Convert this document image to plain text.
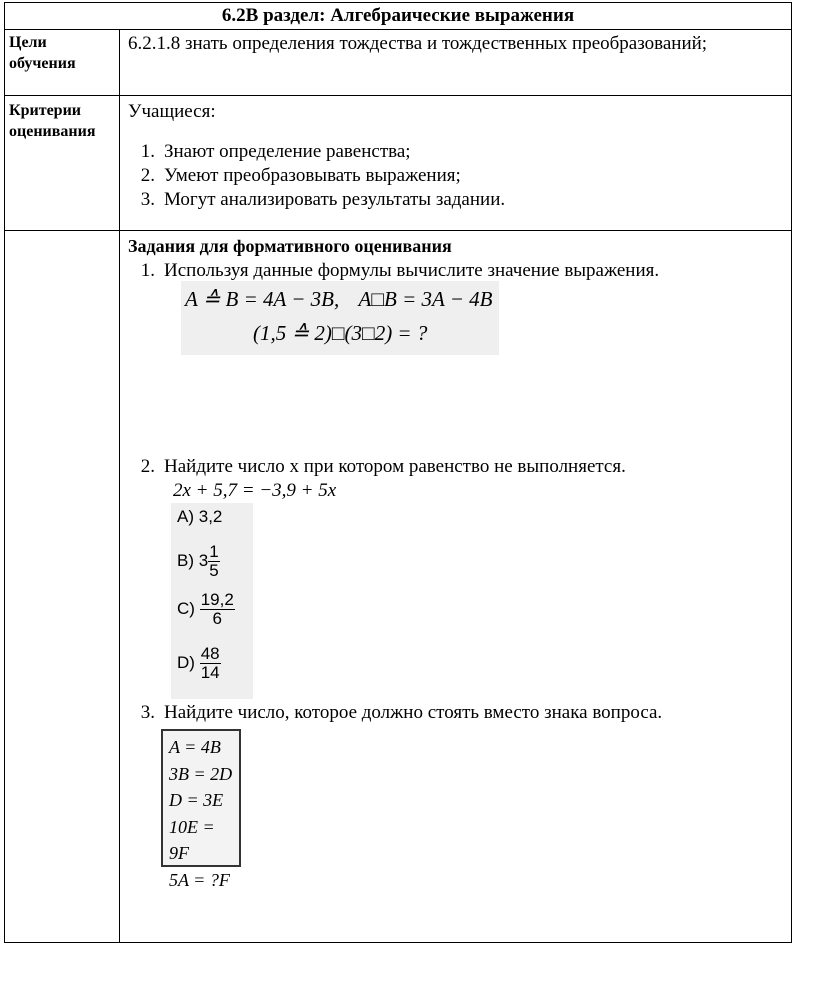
6.2В раздел: Алгебраические выражения
Цели обучения
6.2.1.8 знать определения тождества и тождественных преобразований;
Критерии оценивания
Учащиеся:
1. Знают определение равенства;
2. Умеют преобразовывать выражения;
3. Могут анализировать результаты задании.
Задания для формативного оценивания
1. Используя данные формулы вычислите значение выражения.
A ≙ B = 4A − 3B, A□B = 3A − 4B
(1,5 ≙ 2)□(3□2) = ?
2. Найдите число x при котором равенство не выполняется.
2x + 5,7 = −3,9 + 5x
A) 3,2
B) $3 \frac{1}{5}$
$C) \frac{19,2}{6}$
$D) \frac{48}{14}$
3. Найдите число, которое должно стоять вместо знака вопроса.
A = 4B
3B = 2D
D = 3E
10E = 9F
5A = ?F
